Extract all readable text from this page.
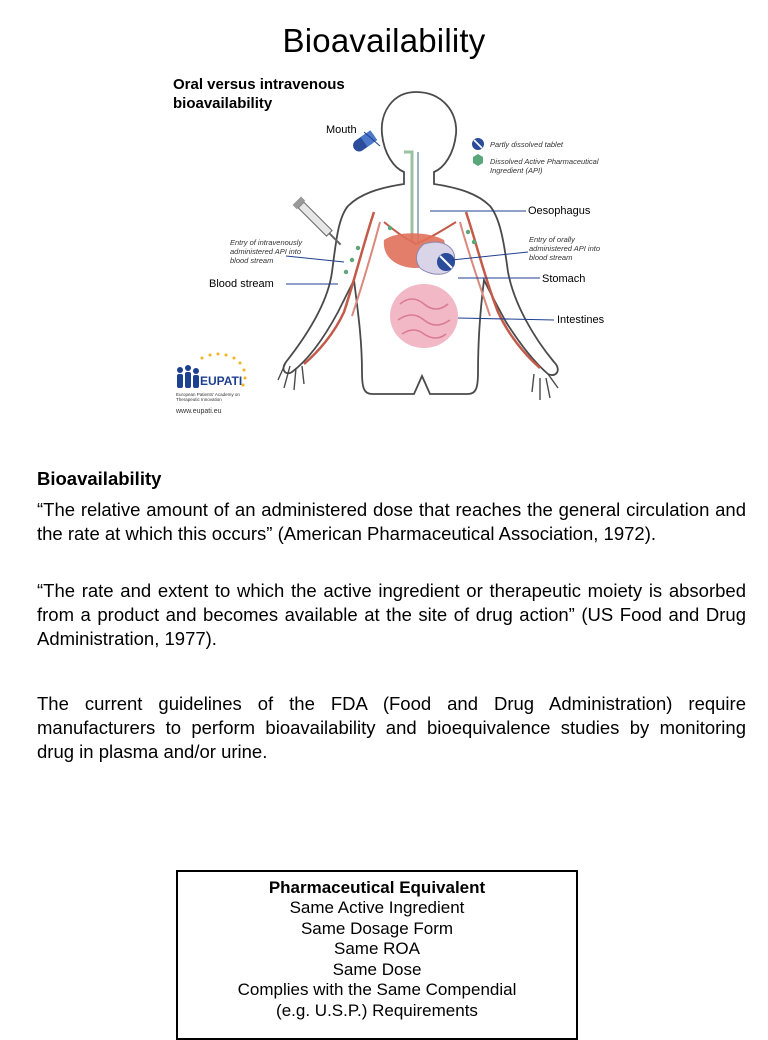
Bioavailability
Oral versus intravenous bioavailability
Mouth
Oesophagus
Stomach
Intestines
Blood stream
Entry of intravenously administered API into blood stream
Entry of orally administered API into blood stream
Partly dissolved tablet
Dissolved Active Pharmaceutical Ingredient (API)
EUPATI
European Patients' Academy on Therapeutic Innovation
www.eupati.eu
Bioavailability
“The relative amount of an administered dose that reaches the general circulation and the rate at which this occurs” (American Pharmaceutical Association, 1972).
“The rate and extent to which the active ingredient or therapeutic moiety is absorbed from a product and becomes available at the site of drug action” (US Food and Drug Administration, 1977).
The current guidelines of the FDA (Food and Drug Administration) require manufacturers to perform bioavailability and bioequivalence studies by monitoring drug in plasma and/or urine.
Pharmaceutical Equivalent
Same Active Ingredient
Same Dosage Form
Same ROA
Same Dose
Complies with the Same Compendial
(e.g. U.S.P.) Requirements
